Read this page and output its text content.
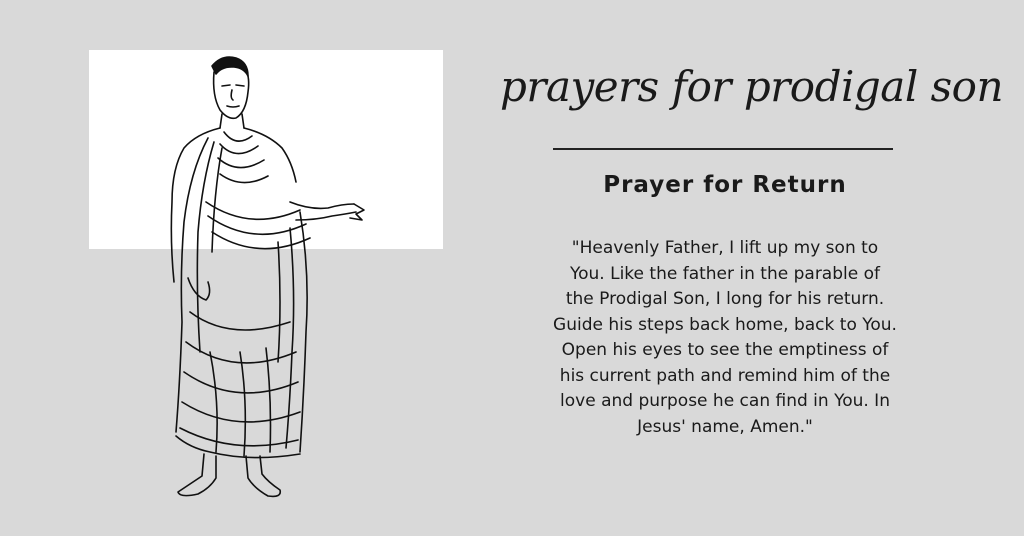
prayers for prodigal son
Prayer for Return
"Heavenly Father, I lift up my son to
You. Like the father in the parable of
the Prodigal Son, I long for his return.
Guide his steps back home, back to You.
Open his eyes to see the emptiness of
his current path and remind him of the
love and purpose he can find in You. In
Jesus' name, Amen."
